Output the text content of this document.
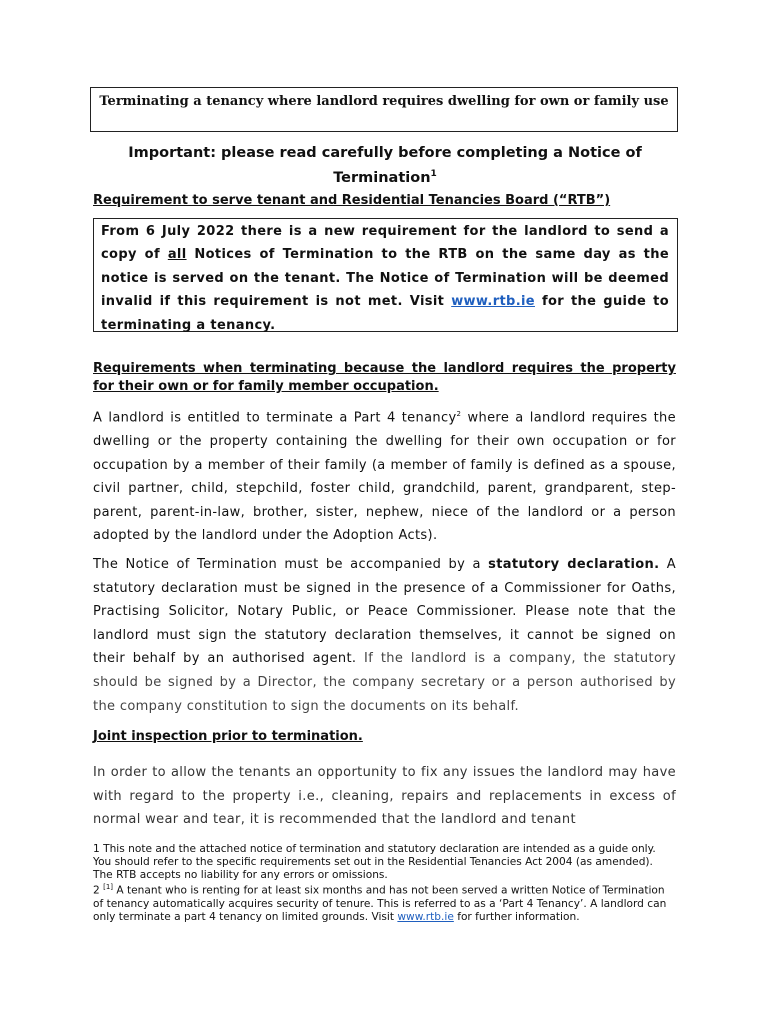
Terminating a tenancy where landlord requires dwelling for own or family use
Important: please read carefully before completing a Notice of Termination$^1$
Requirement to serve tenant and Residential Tenancies Board (“RTB”)
From 6 July 2022 there is a new requirement for the landlord to send a copy of all Notices of Termination to the RTB on the same day as the notice is served on the tenant. The Notice of Termination will be deemed invalid if this requirement is not met. Visit www.rtb.ie for the guide to terminating a tenancy.
Requirements when terminating because the landlord requires the property for their own or for family member occupation.
A landlord is entitled to terminate a Part 4 tenancy$^2$ where a landlord requires the dwelling or the property containing the dwelling for their own occupation or for occupation by a member of their family (a member of family is defined as a spouse, civil partner, child, stepchild, foster child, grandchild, parent, grandparent, step-parent, parent-in-law, brother, sister, nephew, niece of the landlord or a person adopted by the landlord under the Adoption Acts).
The Notice of Termination must be accompanied by a statutory declaration. A statutory declaration must be signed in the presence of a Commissioner for Oaths, Practising Solicitor, Notary Public, or Peace Commissioner. Please note that the landlord must sign the statutory declaration themselves, it cannot be signed on their behalf by an authorised agent. If the landlord is a company, the statutory should be signed by a Director, the company secretary or a person authorised by the company constitution to sign the documents on its behalf.
Joint inspection prior to termination.
In order to allow the tenants an opportunity to fix any issues the landlord may have with regard to the property i.e., cleaning, repairs and replacements in excess of normal wear and tear, it is recommended that the landlord and tenant
1 This note and the attached notice of termination and statutory declaration are intended as a guide only. You should refer to the specific requirements set out in the Residential Tenancies Act 2004 (as amended). The RTB accepts no liability for any errors or omissions.
2 [1] A tenant who is renting for at least six months and has not been served a written Notice of Termination of tenancy automatically acquires security of tenure. This is referred to as a ‘Part 4 Tenancy’. A landlord can only terminate a part 4 tenancy on limited grounds. Visit www.rtb.ie for further information.
